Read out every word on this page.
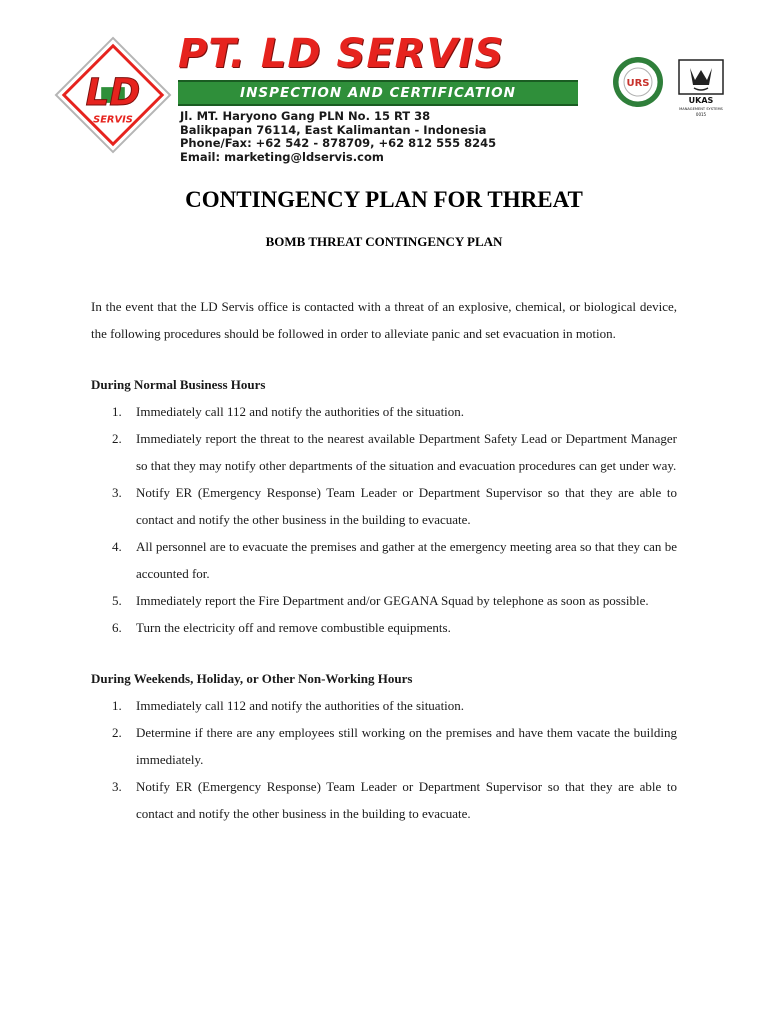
LD
SERVIS
PT. LD SERVIS
INSPECTION AND CERTIFICATION
Jl. MT. Haryono Gang PLN No. 15 RT 38
Balikpapan 76114, East Kalimantan - Indonesia
Phone/Fax: +62 542 - 878709, +62 812 555 8245
Email: marketing@ldservis.com
URS
UKAS
MANAGEMENT SYSTEMS
0015
CONTINGENCY PLAN FOR THREAT
BOMB THREAT CONTINGENCY PLAN

In the event that the LD Servis office is contacted with a threat of an explosive, chemical, or biological device, the following procedures should be followed in order to alleviate panic and set evacuation in motion.

During Normal Business Hours
1. Immediately call 112 and notify the authorities of the situation.
2. Immediately report the threat to the nearest available Department Safety Lead or Department Manager so that they may notify other departments of the situation and evacuation procedures can get under way.
3. Notify ER (Emergency Response) Team Leader or Department Supervisor so that they are able to contact and notify the other business in the building to evacuate.
4. All personnel are to evacuate the premises and gather at the emergency meeting area so that they can be accounted for.
5. Immediately report the Fire Department and/or GEGANA Squad by telephone as soon as possible.
6. Turn the electricity off and remove combustible equipments.
During Weekends, Holiday, or Other Non-Working Hours
1. Immediately call 112 and notify the authorities of the situation.
2. Determine if there are any employees still working on the premises and have them vacate the building immediately.
3. Notify ER (Emergency Response) Team Leader or Department Supervisor so that they are able to contact and notify the other business in the building to evacuate.
